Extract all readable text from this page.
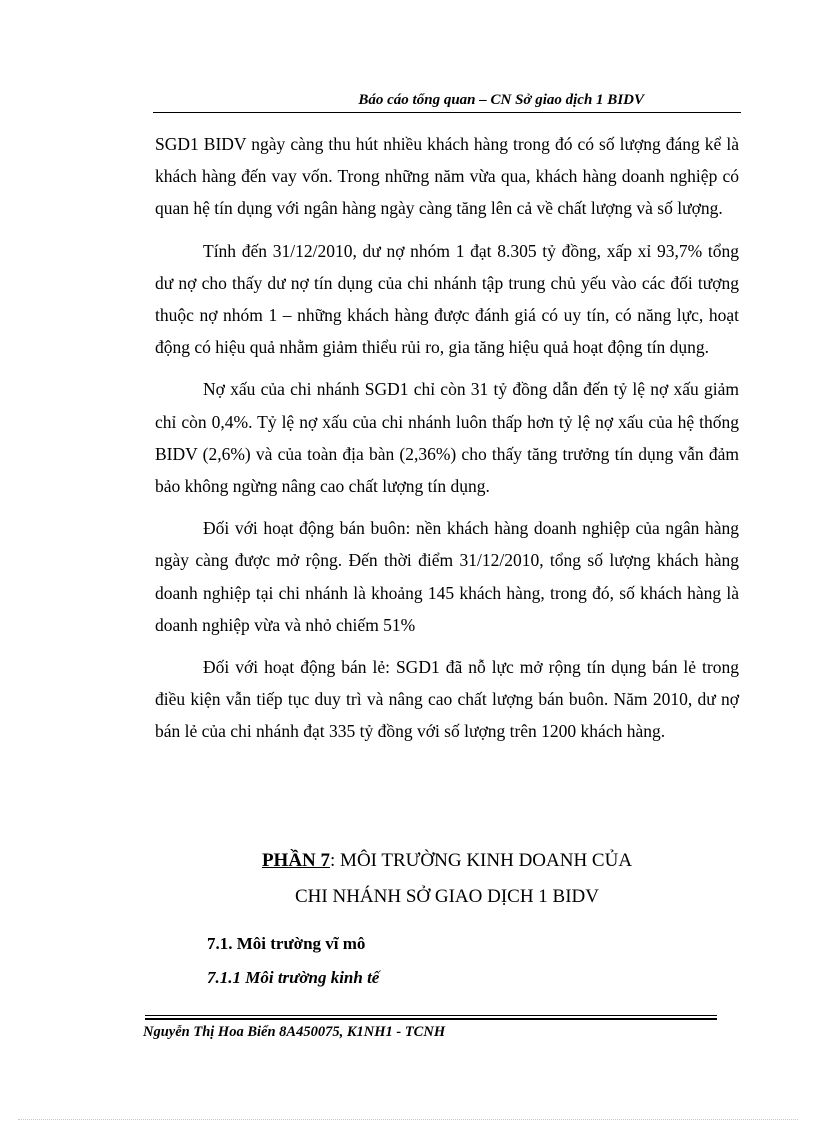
Báo cáo tổng quan – CN Sở giao dịch 1 BIDV

SGD1 BIDV ngày càng thu hút nhiều khách hàng trong đó có số lượng đáng kể là khách hàng đến vay vốn. Trong những năm vừa qua, khách hàng doanh nghiệp có quan hệ tín dụng với ngân hàng ngày càng tăng lên cả về chất lượng và số lượng.

Tính đến 31/12/2010, dư nợ nhóm 1 đạt 8.305 tỷ đồng, xấp xỉ 93,7% tổng dư nợ cho thấy dư nợ tín dụng của chi nhánh tập trung chủ yếu vào các đối tượng thuộc nợ nhóm 1 – những khách hàng được đánh giá có uy tín, có năng lực, hoạt động có hiệu quả nhằm giảm thiểu rủi ro, gia tăng hiệu quả hoạt động tín dụng.

Nợ xấu của chi nhánh SGD1 chỉ còn 31 tỷ đồng dẫn đến tỷ lệ nợ xấu giảm chỉ còn 0,4%. Tỷ lệ nợ xấu của chi nhánh luôn thấp hơn tỷ lệ nợ xấu của hệ thống BIDV (2,6%) và của toàn địa bàn (2,36%) cho thấy tăng trưởng tín dụng vẫn đảm bảo không ngừng nâng cao chất lượng tín dụng.

Đối với hoạt động bán buôn: nền khách hàng doanh nghiệp của ngân hàng ngày càng được mở rộng. Đến thời điểm 31/12/2010, tổng số lượng khách hàng doanh nghiệp tại chi nhánh là khoảng 145 khách hàng, trong đó, số khách hàng là doanh nghiệp vừa và nhỏ chiếm 51%

Đối với hoạt động bán lẻ: SGD1 đã nỗ lực mở rộng tín dụng bán lẻ trong điều kiện vẫn tiếp tục duy trì và nâng cao chất lượng bán buôn. Năm 2010, dư nợ bán lẻ của chi nhánh đạt 335 tỷ đồng với số lượng trên 1200 khách hàng.

PHẦN 7: MÔI TRƯỜNG KINH DOANH CỦA
CHI NHÁNH SỞ GIAO DỊCH 1 BIDV
7.1. Môi trường vĩ mô
7.1.1 Môi trường kinh tế
Nguyễn Thị Hoa Biển 8A450075, K1NH1 - TCNH
